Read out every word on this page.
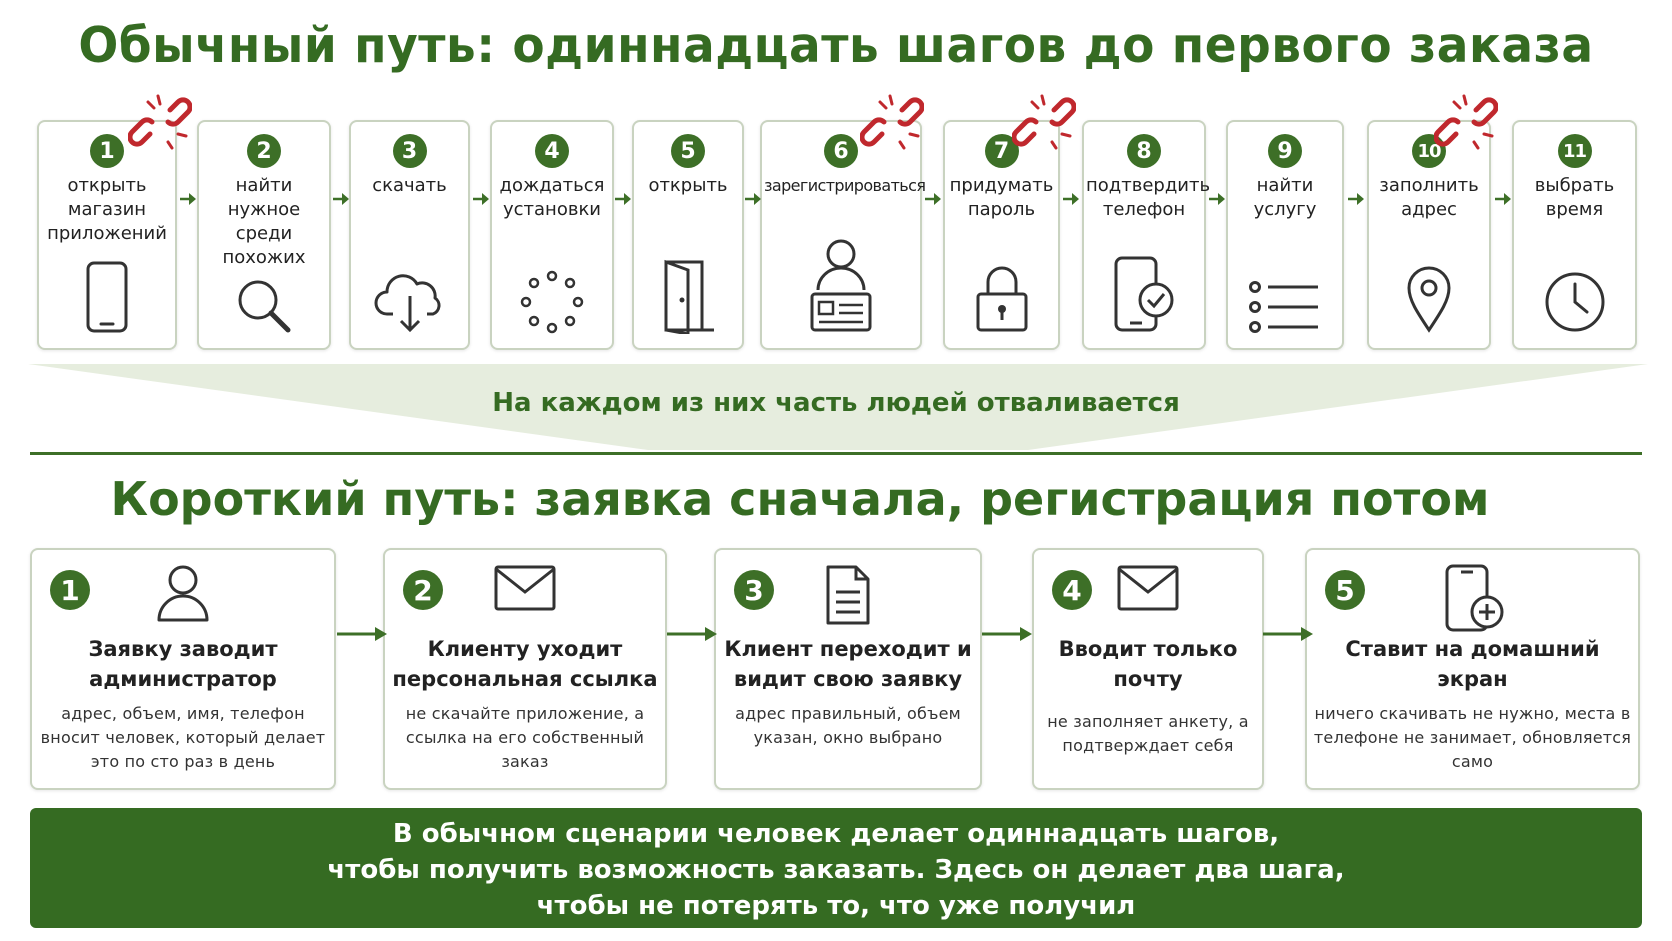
Обычный путь: одиннадцать шагов до первого заказа
1
открыть магазин приложений
2
найти нужное среди похожих
3
скачать
4
дождаться установки
5
открыть
6
зарегистрироваться
7
придумать пароль
8
подтвердить телефон
9
найти услугу
10
заполнить адрес
11
выбрать время
На каждом из них часть людей отваливается
Короткий путь: заявка сначала, регистрация потом
1
Заявку заводит администратор
адрес, объем, имя, телефон вносит человек, который делает это по сто раз в день
2
Клиенту уходит персональная ссылка
не скачайте приложение, а ссылка на его собственный заказ
3
Клиент переходит и видит свою заявку
адрес правильный, объем указан, окно выбрано
4
Вводит только почту
не заполняет анкету, а подтверждает себя
5
Ставит на домашний экран
ничего скачивать не нужно, места в телефоне не занимает, обновляется само
В обычном сценарии человек делает одиннадцать шагов,
чтобы получить возможность заказать. Здесь он делает два шага,
чтобы не потерять то, что уже получил
